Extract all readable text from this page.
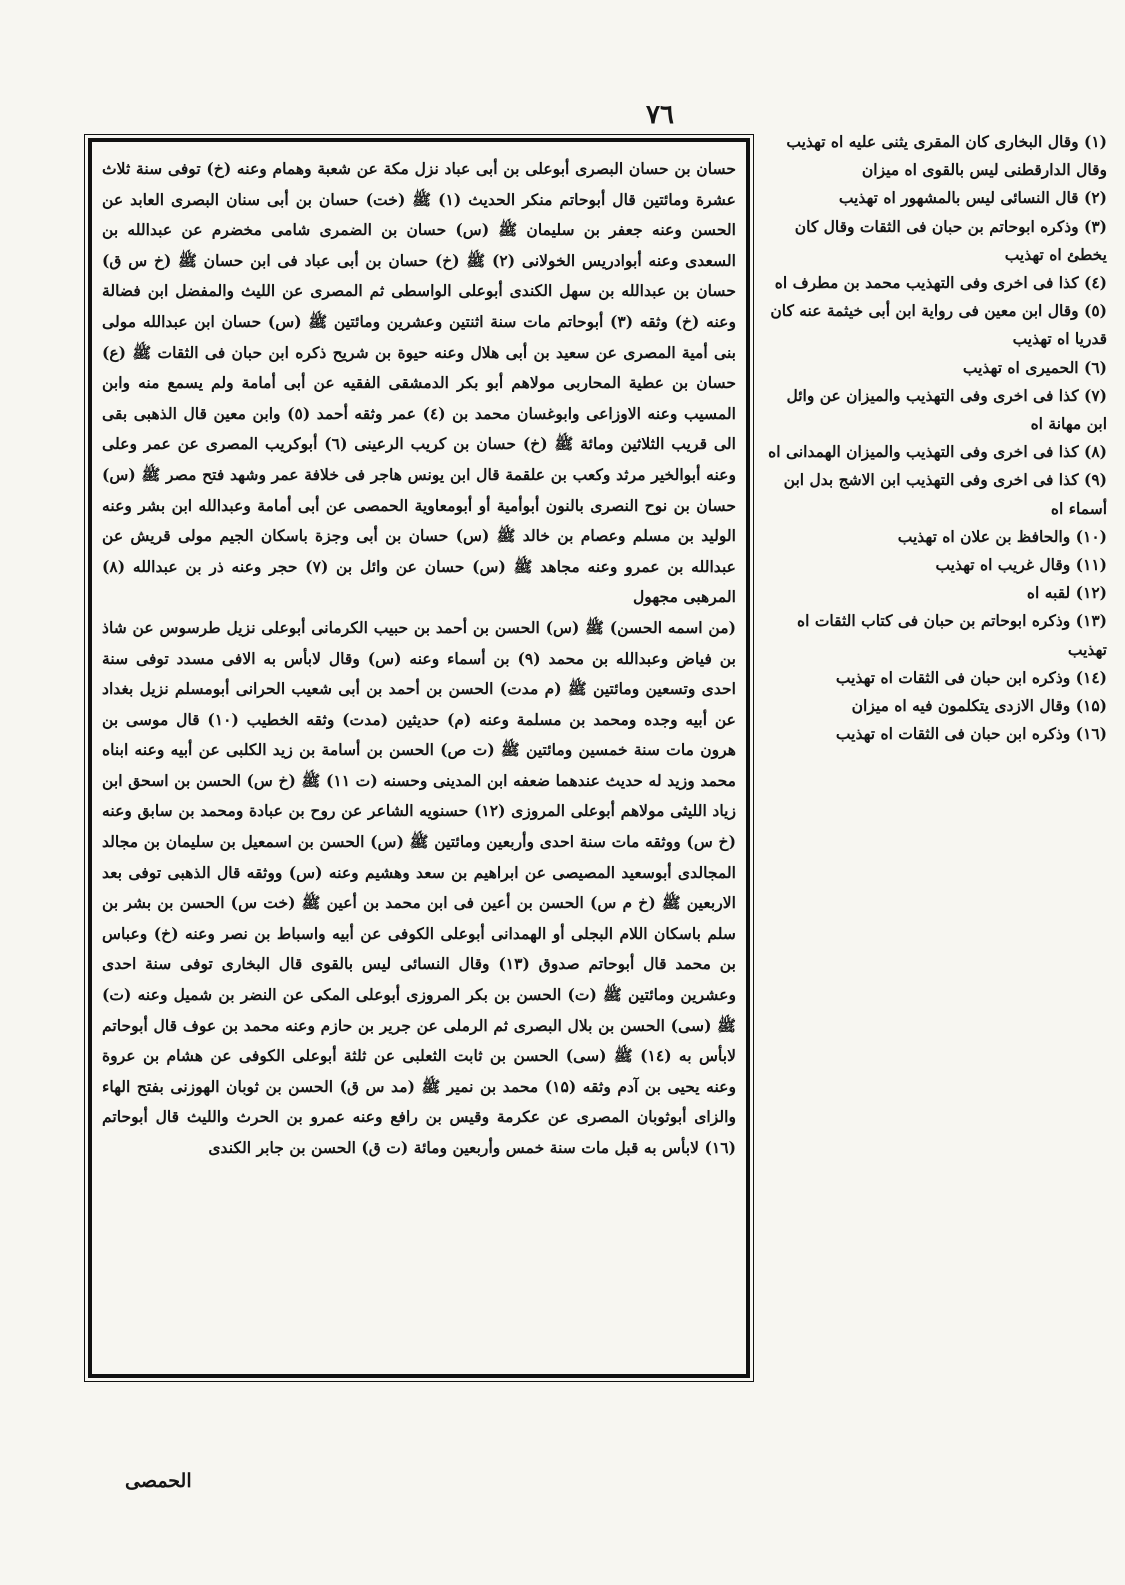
٧٦

حسان بن حسان البصری أبوعلی بن أبی عباد نزل مکة عن شعبة وهمام وعنه (خ) توفی سنة ثلاث عشرة ومائتین قال أبوحاتم منکر الحدیث (۱) ﷺ (خت) حسان بن أبی سنان البصری العابد عن الحسن وعنه جعفر بن سلیمان ﷺ (س) حسان بن الضمری شامی مخضرم عن عبدالله بن السعدی وعنه أبوادریس الخولانی (۲) ﷺ (خ) حسان بن أبی عباد فی ابن حسان ﷺ (خ س ق) حسان بن عبدالله بن سهل الکندی أبوعلی الواسطی ثم المصری عن اللیث والمفضل ابن فضالة وعنه (خ) وثقه (۳) أبوحاتم مات سنة اثنتین وعشرین ومائتین ﷺ (س) حسان ابن عبدالله مولی بنی أمیة المصری عن سعید بن أبی هلال وعنه حیوة بن شریح ذکره ابن حبان فی الثقات ﷺ (ع) حسان بن عطیة المحاربی مولاهم أبو بکر الدمشقی الفقیه عن أبی أمامة ولم یسمع منه وابن المسیب وعنه الاوزاعی وابوغسان محمد بن (٤) عمر وثقه أحمد (٥) وابن معین قال الذهبی بقی الی قریب الثلاثین ومائة ﷺ (خ) حسان بن کریب الرعینی (٦) أبوکریب المصری عن عمر وعلی وعنه أبوالخیر مرثد وکعب بن علقمة قال ابن یونس هاجر فی خلافة عمر وشهد فتح مصر ﷺ (س) حسان بن نوح النصری بالنون أبوأمیة أو أبومعاویة الحمصی عن أبی أمامة وعبدالله ابن بشر وعنه الولید بن مسلم وعصام بن خالد ﷺ (س) حسان بن أبی وجزة باسکان الجیم مولی قریش عن عبدالله بن عمرو وعنه مجاهد ﷺ (س) حسان عن وائل بن (۷) حجر وعنه ذر بن عبدالله (۸) المرهبی مجهول

(من اسمه الحسن) ﷺ (س) الحسن بن أحمد بن حبیب الکرمانی أبوعلی نزیل طرسوس عن شاذ بن فیاض وعبدالله بن محمد (۹) بن أسماء وعنه (س) وقال لابأس به الافی مسدد توفی سنة احدی وتسعین ومائتین ﷺ (م مدت) الحسن بن أحمد بن أبی شعیب الحرانی أبومسلم نزیل بغداد عن أبیه وجده ومحمد بن مسلمة وعنه (م) حدیثین (مدت) وثقه الخطیب (۱۰) قال موسی بن هرون مات سنة خمسین ومائتین ﷺ (ت ص) الحسن بن أسامة بن زید الکلبی عن أبیه وعنه ابناه محمد وزید له حدیث عندهما ضعفه ابن المدینی وحسنه (ت ۱۱) ﷺ (خ س) الحسن بن اسحق ابن زیاد اللیثی مولاهم أبوعلی المروزی (۱۲) حسنویه الشاعر عن روح بن عبادة ومحمد بن سابق وعنه (خ س) ووثقه مات سنة احدی وأربعین ومائتین ﷺ (س) الحسن بن اسمعیل بن سلیمان بن مجالد المجالدی أبوسعید المصیصی عن ابراهیم بن سعد وهشیم وعنه (س) ووثقه قال الذهبی توفی بعد الاربعین ﷺ (خ م س) الحسن بن أعین فی ابن محمد بن أعین ﷺ (خت س) الحسن بن بشر بن سلم باسکان اللام البجلی أو الهمدانی أبوعلی الکوفی عن أبیه واسباط بن نصر وعنه (خ) وعباس بن محمد قال أبوحاتم صدوق (۱۳) وقال النسائی لیس بالقوی قال البخاری توفی سنة احدی وعشرین ومائتین ﷺ (ت) الحسن بن بکر المروزی أبوعلی المکی عن النضر بن شمیل وعنه (ت) ﷺ (سی) الحسن بن بلال البصری ثم الرملی عن جریر بن حازم وعنه محمد بن عوف قال أبوحاتم لابأس به (۱٤) ﷺ (سی) الحسن بن ثابت الثعلبی عن ثلثة أبوعلی الکوفی عن هشام بن عروة وعنه یحیی بن آدم وثقه (۱۵) محمد بن نمیر ﷺ (مد س ق) الحسن بن ثوبان الهوزنی بفتح الهاء والزای أبوثوبان المصری عن عکرمة وقیس بن رافع وعنه عمرو بن الحرث واللیث قال أبوحاتم (۱٦) لابأس به قبل مات سنة خمس وأربعین ومائة (ت ق) الحسن بن جابر الکندی

(۱) وقال البخاری کان المقری یثنی علیه اه تهذیب وقال الدارقطنی لیس بالقوی اه میزان

(۲) قال النسائی لیس بالمشهور اه تهذیب

(۳) وذکره ابوحاتم بن حبان فی الثقات وقال کان یخطئ اه تهذیب

(٤) کذا فی اخری وفی التهذیب محمد بن مطرف اه

(٥) وقال ابن معین فی روایة ابن أبی خیثمة عنه کان قدریا اه تهذیب

(٦) الحمیری اه تهذیب

(۷) کذا فی اخری وفی التهذیب والمیزان عن وائل ابن مهانة اه

(۸) کذا فی اخری وفی التهذیب والمیزان الهمدانی اه

(۹) کذا فی اخری وفی التهذیب ابن الاشج بدل ابن أسماء اه

(۱۰) والحافظ بن علان اه تهذیب

(۱۱) وقال غریب اه تهذیب

(۱۲) لقبه اه

(۱۳) وذکره ابوحاتم بن حبان فی کتاب الثقات اه تهذیب

(۱٤) وذکره ابن حبان فی الثقات اه تهذیب

(۱۵) وقال الازدی یتکلمون فیه اه میزان

(۱٦) وذکره ابن حبان فی الثقات اه تهذیب

الحمصی
